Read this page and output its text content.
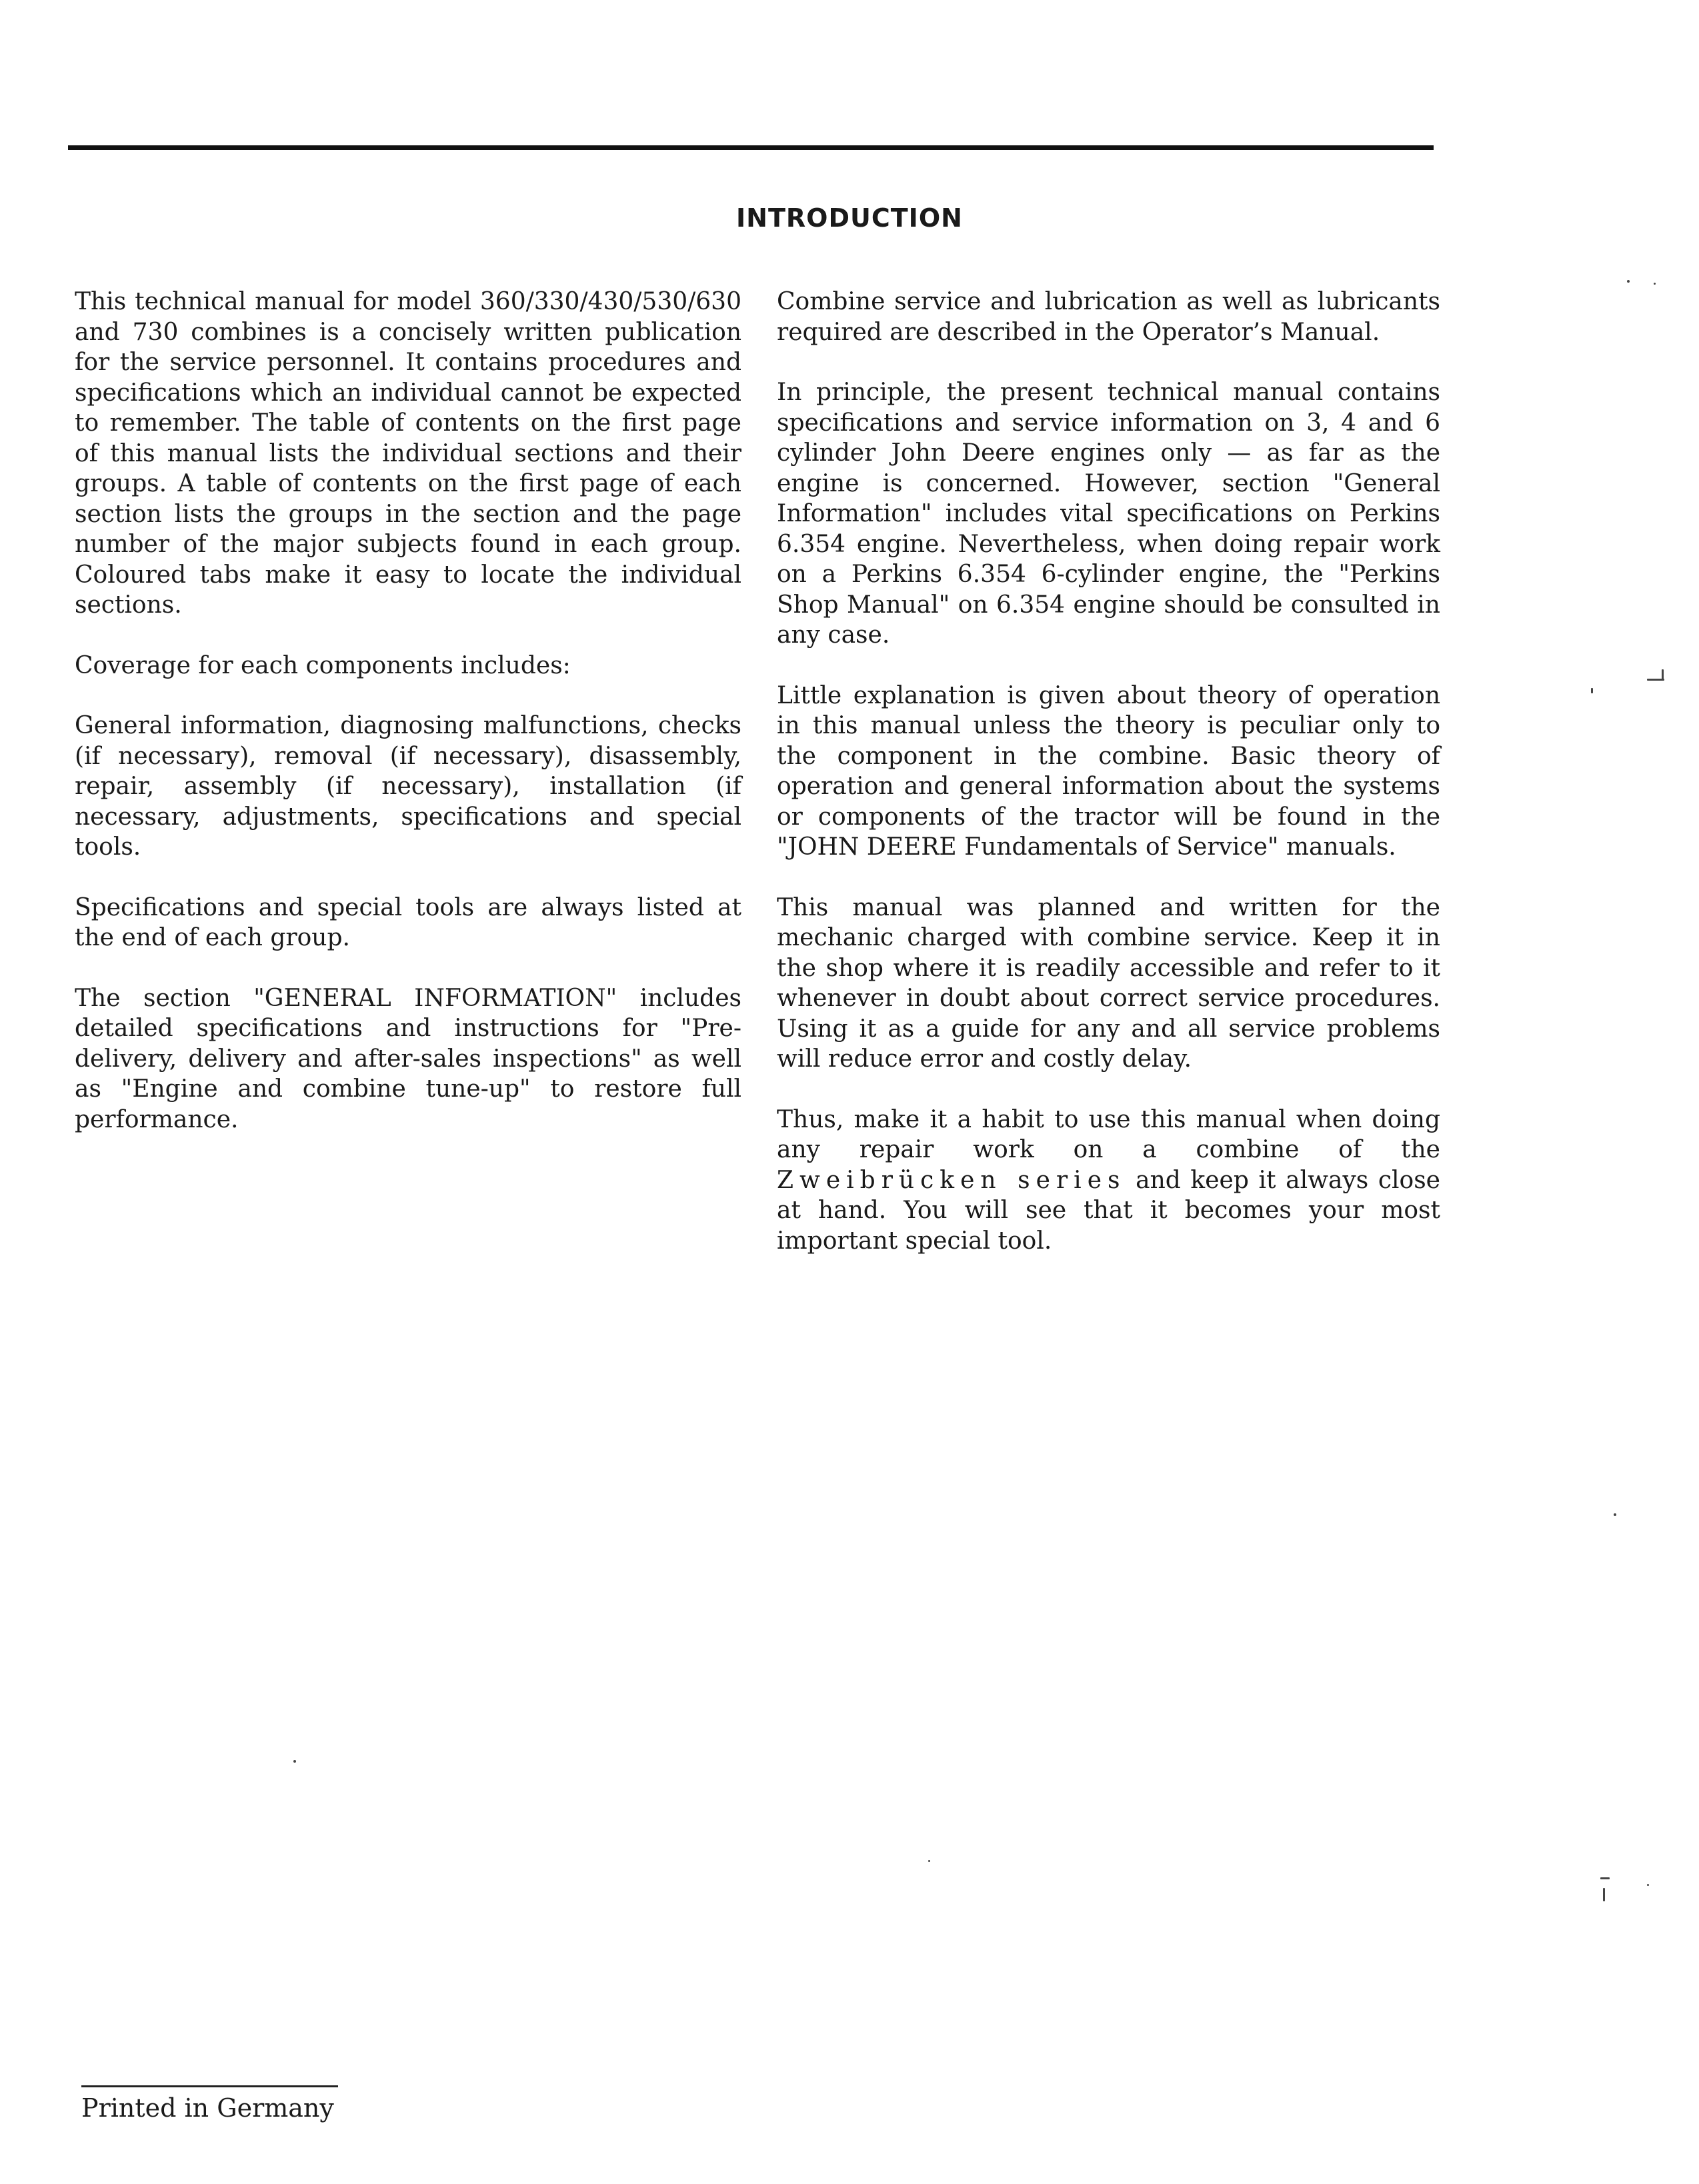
INTRODUCTION

This technical manual for model 360/330/430/530/630 and 730 combines is a concisely written publication for the service personnel. It contains procedures and specifications which an individual cannot be expected to remember. The table of contents on the first page of this manual lists the individual sections and their groups. A table of contents on the first page of each section lists the groups in the section and the page number of the major subjects found in each group. Coloured tabs make it easy to locate the individual sections.

Coverage for each components includes:

General information, diagnosing malfunctions, checks (if necessary), removal (if necessary), disassembly, repair, assembly (if necessary), installation (if necessary, adjustments, specifications and special tools.

Specifications and special tools are always listed at the end of each group.

The section "GENERAL INFORMATION" includes detailed specifications and instructions for "Pre-delivery, delivery and after-sales inspections" as well as "Engine and combine tune-up" to restore full performance.

Combine service and lubrication as well as lubricants required are described in the Operator’s Manual.

In principle, the present technical manual contains specifications and service information on 3, 4 and 6 cylinder John Deere engines only — as far as the engine is concerned. However, section "General Information" includes vital specifications on Perkins 6.354 engine. Nevertheless, when doing repair work on a Perkins 6.354 6-cylinder engine, the "Perkins Shop Manual" on 6.354 engine should be consulted in any case.

Little explanation is given about theory of operation in this manual unless the theory is peculiar only to the component in the combine. Basic theory of operation and general information about the systems or components of the tractor will be found in the "JOHN DEERE Fundamentals of Service" manuals.

This manual was planned and written for the mechanic charged with combine service. Keep it in the shop where it is readily accessible and refer to it whenever in doubt about correct service procedures. Using it as a guide for any and all service problems will reduce error and costly delay.

Thus, make it a habit to use this manual when doing any repair work on a combine of the Zweibrücken series and keep it always close at hand. You will see that it becomes your most important special tool.

Printed in Germany
